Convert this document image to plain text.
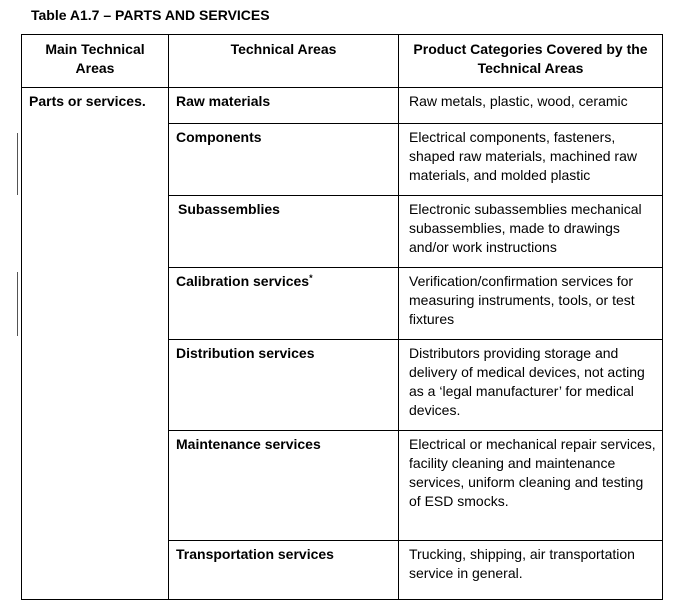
Table A1.7 – PARTS AND SERVICES
Main Technical Areas	Technical Areas	Product Categories Covered by the Technical Areas
Parts or services.	Raw materials	Raw metals, plastic, wood, ceramic
	Components	Electrical components, fasteners, shaped raw materials, machined raw materials, and molded plastic
	Subassemblies	Electronic subassemblies mechanical subassemblies, made to drawings and/or work instructions
	Calibration services*	Verification/confirmation services for measuring instruments, tools, or test fixtures
	Distribution services	Distributors providing storage and delivery of medical devices, not acting as a ‘legal manufacturer’ for medical devices.
	Maintenance services	Electrical or mechanical repair services, facility cleaning and maintenance services, uniform cleaning and testing of ESD smocks.
	Transportation services	Trucking, shipping, air transportation service in general.
